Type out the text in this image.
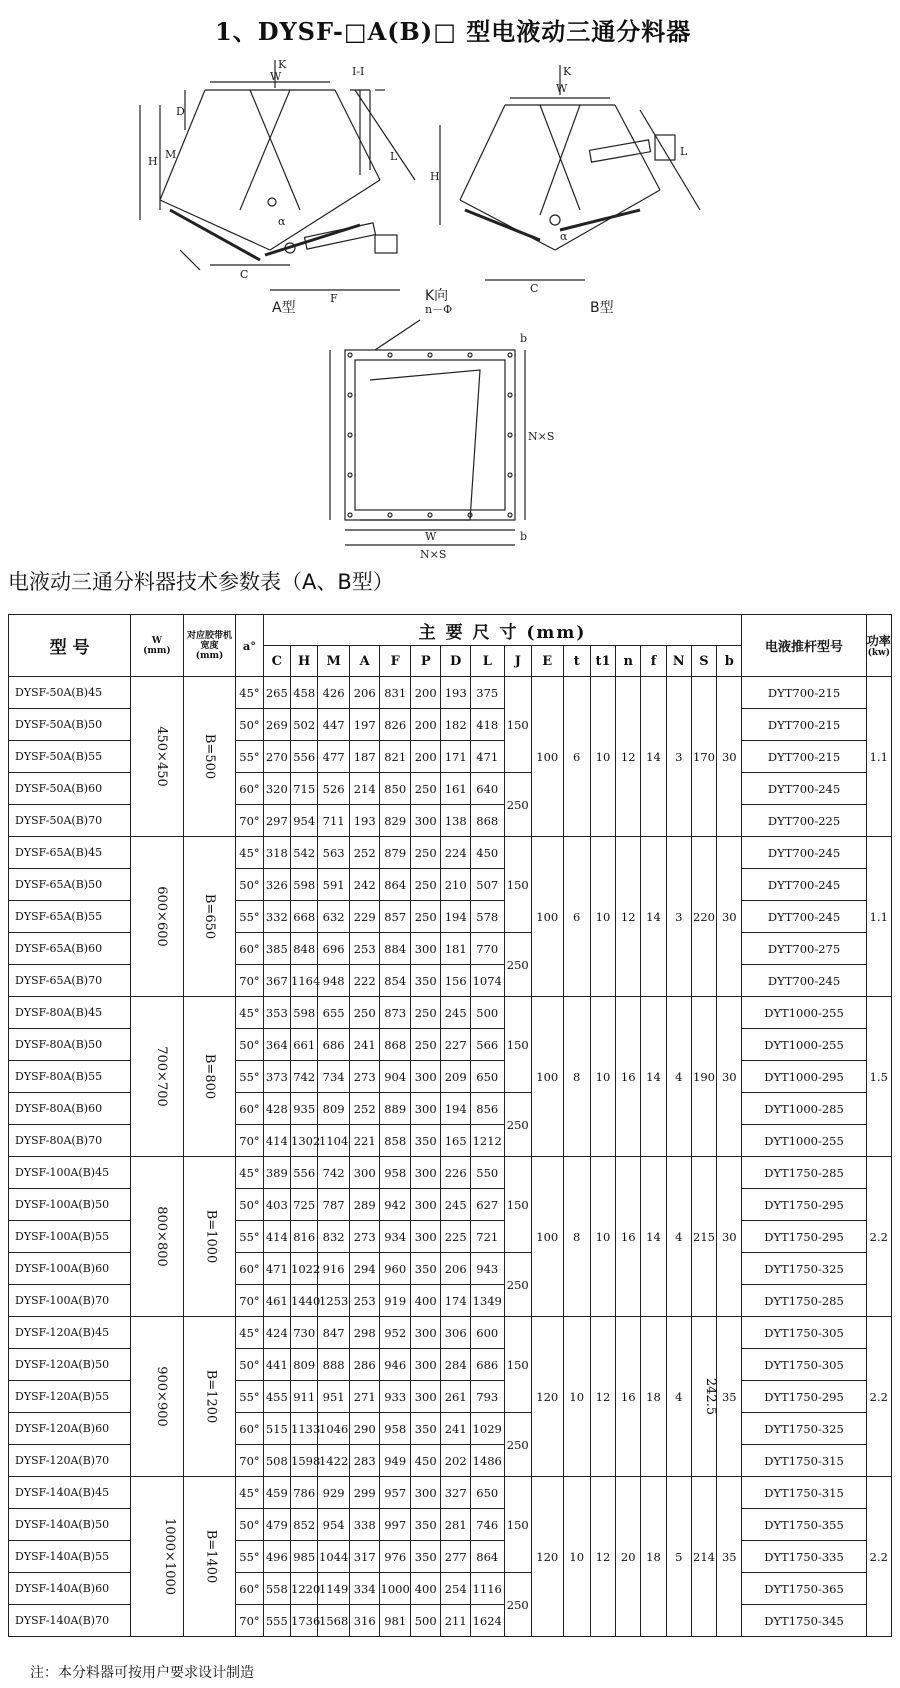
1、DYSF-□A(B)□ 型电液动三通分料器
K
W
H
M
D
L
C
F
α
I-I	K
W
H
L
C
α
n－Φ
W
N×S
N×S
b
b
A型	B型
K向
电液动三通分料器技术参数表（A、B型）
型 号	W
(mm)	对应胶带机宽度
(mm)	a°	主 要 尺 寸 (mm)																	电液推杆型号	功率
(kw)

				C	H	M	A	F	P	D	L	J	E	t	t1	n	f	N	S	b		
DYSF-50A(B)45	450×450	B=500	45°	265	458	426	206	831	200	193	375	150	100	6	10	12	14	3	170	30	DYT700-215	1.1
DYSF-50A(B)50			50°	269	502	447	197	826	200	182	418										DYT700-215	
DYSF-50A(B)55			55°	270	556	477	187	821	200	171	471										DYT700-215	
DYSF-50A(B)60			60°	320	715	526	214	850	250	161	640	250									DYT700-245	
DYSF-50A(B)70			70°	297	954	711	193	829	300	138	868										DYT700-225	
DYSF-65A(B)45	600×600	B=650	45°	318	542	563	252	879	250	224	450	150	100	6	10	12	14	3	220	30	DYT700-245	1.1
DYSF-65A(B)50			50°	326	598	591	242	864	250	210	507										DYT700-245	
DYSF-65A(B)55			55°	332	668	632	229	857	250	194	578										DYT700-245	
DYSF-65A(B)60			60°	385	848	696	253	884	300	181	770	250									DYT700-275	
DYSF-65A(B)70			70°	367	1164	948	222	854	350	156	1074										DYT700-245	
DYSF-80A(B)45	700×700	B=800	45°	353	598	655	250	873	250	245	500	150	100	8	10	16	14	4	190	30	DYT1000-255	1.5
DYSF-80A(B)50			50°	364	661	686	241	868	250	227	566										DYT1000-255	
DYSF-80A(B)55			55°	373	742	734	273	904	300	209	650										DYT1000-295	
DYSF-80A(B)60			60°	428	935	809	252	889	300	194	856	250									DYT1000-285	
DYSF-80A(B)70			70°	414	1302	1104	221	858	350	165	1212										DYT1000-255	
DYSF-100A(B)45	800×800	B=1000	45°	389	556	742	300	958	300	226	550	150	100	8	10	16	14	4	215	30	DYT1750-285	2.2
DYSF-100A(B)50			50°	403	725	787	289	942	300	245	627										DYT1750-295	
DYSF-100A(B)55			55°	414	816	832	273	934	300	225	721										DYT1750-295	
DYSF-100A(B)60			60°	471	1022	916	294	960	350	206	943	250									DYT1750-325	
DYSF-100A(B)70			70°	461	1440	1253	253	919	400	174	1349										DYT1750-285	
DYSF-120A(B)45	900×900	B=1200	45°	424	730	847	298	952	300	306	600	150	120	10	12	16	18	4	242.5	35	DYT1750-305	2.2
DYSF-120A(B)50			50°	441	809	888	286	946	300	284	686										DYT1750-305	
DYSF-120A(B)55			55°	455	911	951	271	933	300	261	793										DYT1750-295	
DYSF-120A(B)60			60°	515	1133	1046	290	958	350	241	1029	250									DYT1750-325	
DYSF-120A(B)70			70°	508	1598	1422	283	949	450	202	1486										DYT1750-315	
DYSF-140A(B)45	1000×1000	B=1400	45°	459	786	929	299	957	300	327	650	150	120	10	12	20	18	5	214	35	DYT1750-315	2.2
DYSF-140A(B)50			50°	479	852	954	338	997	350	281	746										DYT1750-355	
DYSF-140A(B)55			55°	496	985	1044	317	976	350	277	864										DYT1750-335	
DYSF-140A(B)60			60°	558	1220	1149	334	1000	400	254	1116	250									DYT1750-365	
DYSF-140A(B)70			70°	555	1736	1568	316	981	500	211	1624										DYT1750-345	
注：本分料器可按用户要求设计制造
